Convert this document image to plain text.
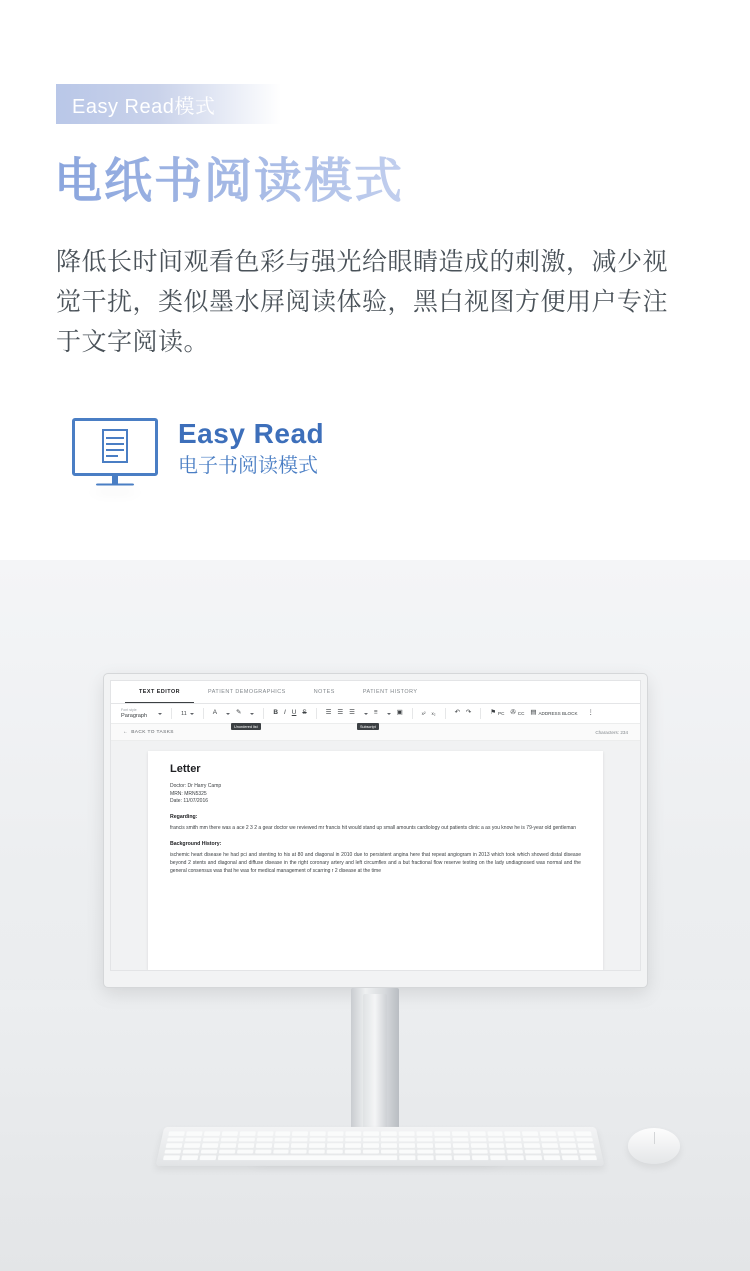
Easy Read模式
电纸书阅读模式
降低长时间观看色彩与强光给眼睛造成的刺激，减少视觉干扰，类似墨水屏阅读体验，黑白视图方便用户专注于文字阅读。
Easy Read
电子书阅读模式
TEXT EDITOR	PATIENT DEMOGRAPHICS	NOTES	PATIENT HISTORY
Font style
Paragraph	11	A	✎	B I U S	☰ ☰ ☰	≡	▣	x² x₂	↶ ↷	⚑ PC ✇ CC ▤ ADDRESS BLOCK ⋮
Unordered list	Subscript
← BACK TO TASKS	Characters: 234
Letter
Doctor: Dr Harry Camp
MRN: MRN5325
Date: 11/07/2016
Regarding:
francis smith mm there was a ace 2 3 2 a gear doctor we reviewed mr francis hit would stand up small amounts cardiology out patients clinic a as you know he is 79-year old gentleman
Background History:
ischemic heart disease he had pci and stenting to his at 80 and diagonal in 2010 due to persistent angina here that repeat angiogram in 2013 which took which showed distal disease beyond 2 stents and diagonal and diffuse disease in the right coronary artery and left circumflex and a but fractional flow reserve testing on the lady undiagnosed was normal and the general consensus was that he was for medical management of scarring r 2 disease at the time
